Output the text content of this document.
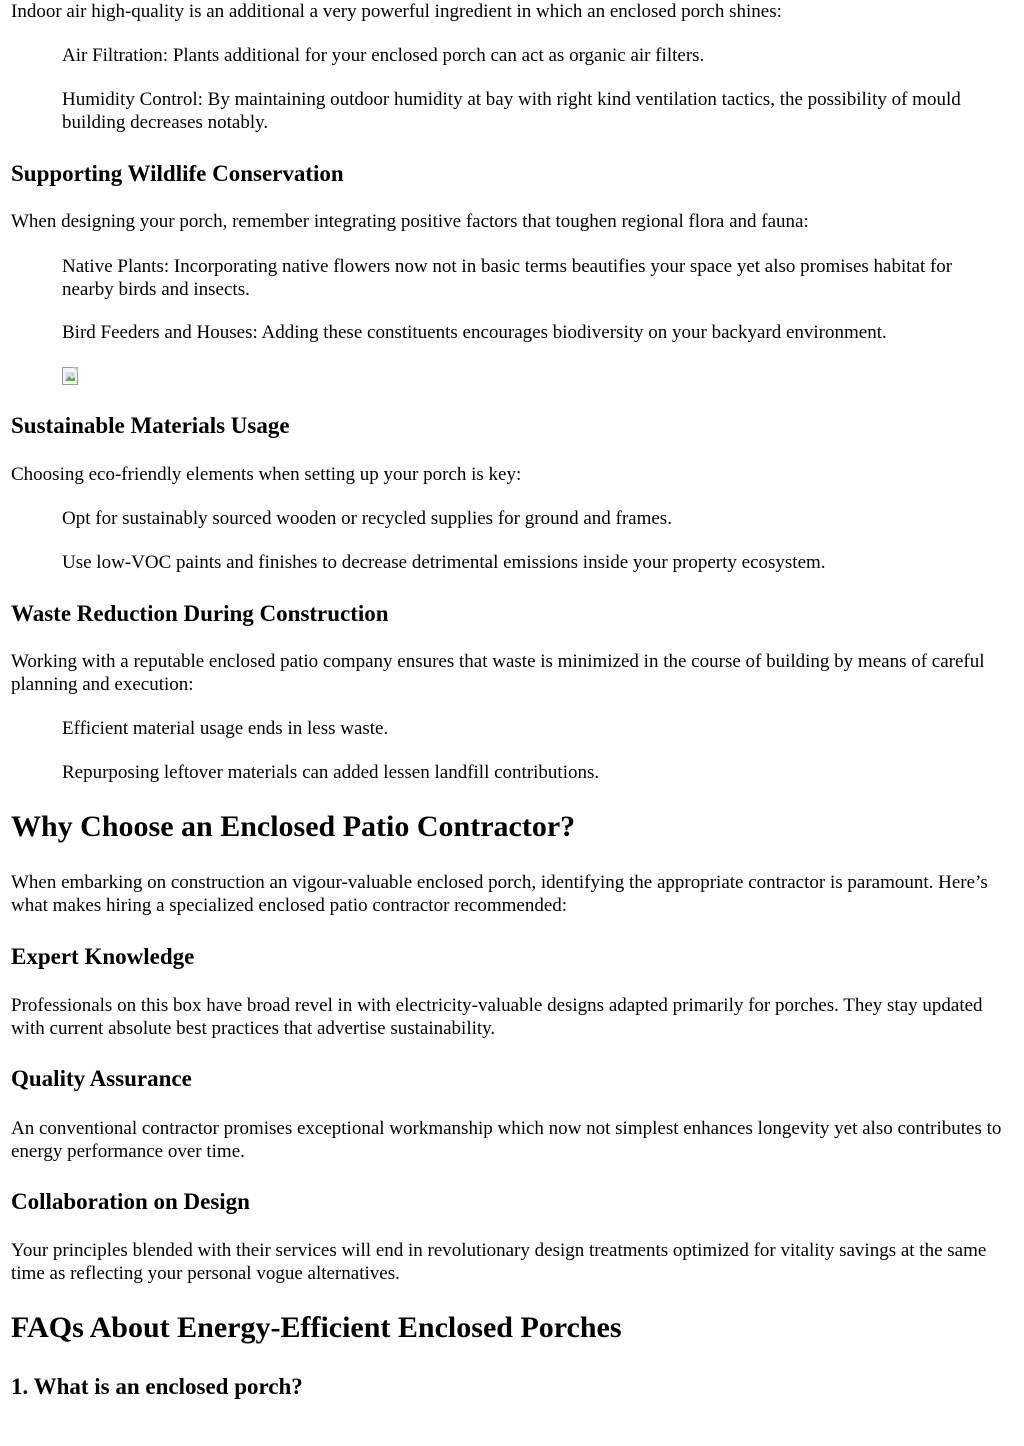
Indoor air high-quality is an additional a very powerful ingredient in which an enclosed porch shines:

Air Filtration: Plants additional for your enclosed porch can act as organic air filters.

Humidity Control: By maintaining outdoor humidity at bay with right kind ventilation tactics, the possibility of mould building decreases notably.

Supporting Wildlife Conservation

When designing your porch, remember integrating positive factors that toughen regional flora and fauna:

Native Plants: Incorporating native flowers now not in basic terms beautifies your space yet also promises habitat for nearby birds and insects.

Bird Feeders and Houses: Adding these constituents encourages biodiversity on your backyard environment.

Sustainable Materials Usage

Choosing eco-friendly elements when setting up your porch is key:

Opt for sustainably sourced wooden or recycled supplies for ground and frames.

Use low-VOC paints and finishes to decrease detrimental emissions inside your property ecosystem.

Waste Reduction During Construction

Working with a reputable enclosed patio company ensures that waste is minimized in the course of building by means of careful planning and execution:

Efficient material usage ends in less waste.

Repurposing leftover materials can added lessen landfill contributions.

Why Choose an Enclosed Patio Contractor?

When embarking on construction an vigour-valuable enclosed porch, identifying the appropriate contractor is paramount. Here’s what makes hiring a specialized enclosed patio contractor recommended:

Expert Knowledge

Professionals on this box have broad revel in with electricity-valuable designs adapted primarily for porches. They stay updated with current absolute best practices that advertise sustainability.

Quality Assurance

An conventional contractor promises exceptional workmanship which now not simplest enhances longevity yet also contributes to energy performance over time.

Collaboration on Design

Your principles blended with their services will end in revolutionary design treatments optimized for vitality savings at the same time as reflecting your personal vogue alternatives.

FAQs About Energy-Efficient Enclosed Porches
1. What is an enclosed porch?
